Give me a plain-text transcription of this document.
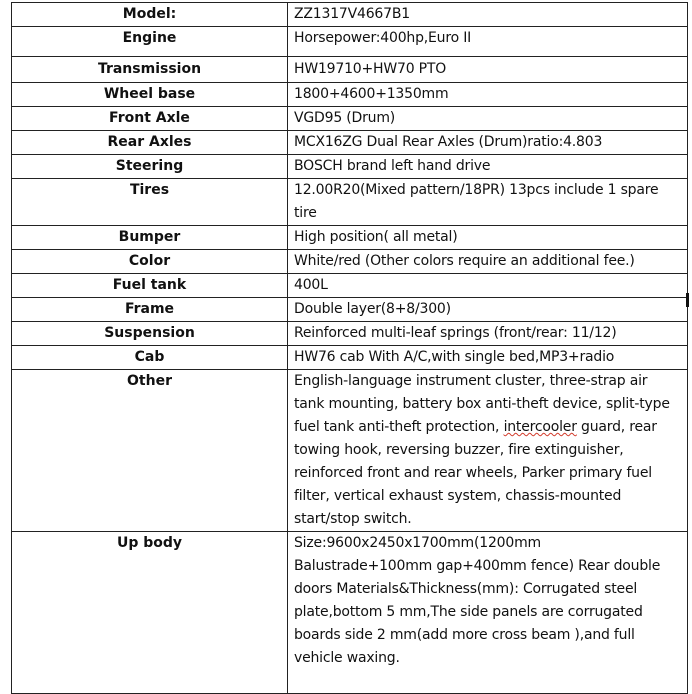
Model:	ZZ1317V4667B1
Engine	Horsepower:400hp,Euro II
Transmission	HW19710+HW70 PTO
Wheel base	1800+4600+1350mm
Front Axle	VGD95 (Drum)
Rear Axles	MCX16ZG Dual Rear Axles (Drum)ratio:4.803
Steering	BOSCH brand left hand drive
Tires	12.00R20(Mixed pattern/18PR) 13pcs include 1 spare tire
Bumper	High position( all metal)
Color	White/red (Other colors require an additional fee.)
Fuel tank	400L
Frame	Double layer(8+8/300)
Suspension	Reinforced multi-leaf springs (front/rear: 11/12)
Cab	HW76 cab With A/C,with single bed,MP3+radio
Other	English-language instrument cluster, three-strap air tank mounting, battery box anti-theft device, split-type fuel tank anti-theft protection, intercooler guard, rear towing hook, reversing buzzer, fire extinguisher, reinforced front and rear wheels, Parker primary fuel filter, vertical exhaust system, chassis-mounted start/stop switch.
Up body	Size:9600x2450x1700mm(1200mm Balustrade+100mm gap+400mm fence) Rear double doors Materials&Thickness(mm): Corrugated steel plate,bottom 5 mm,The side panels are corrugated boards side 2 mm(add more cross beam ),and full vehicle waxing.
